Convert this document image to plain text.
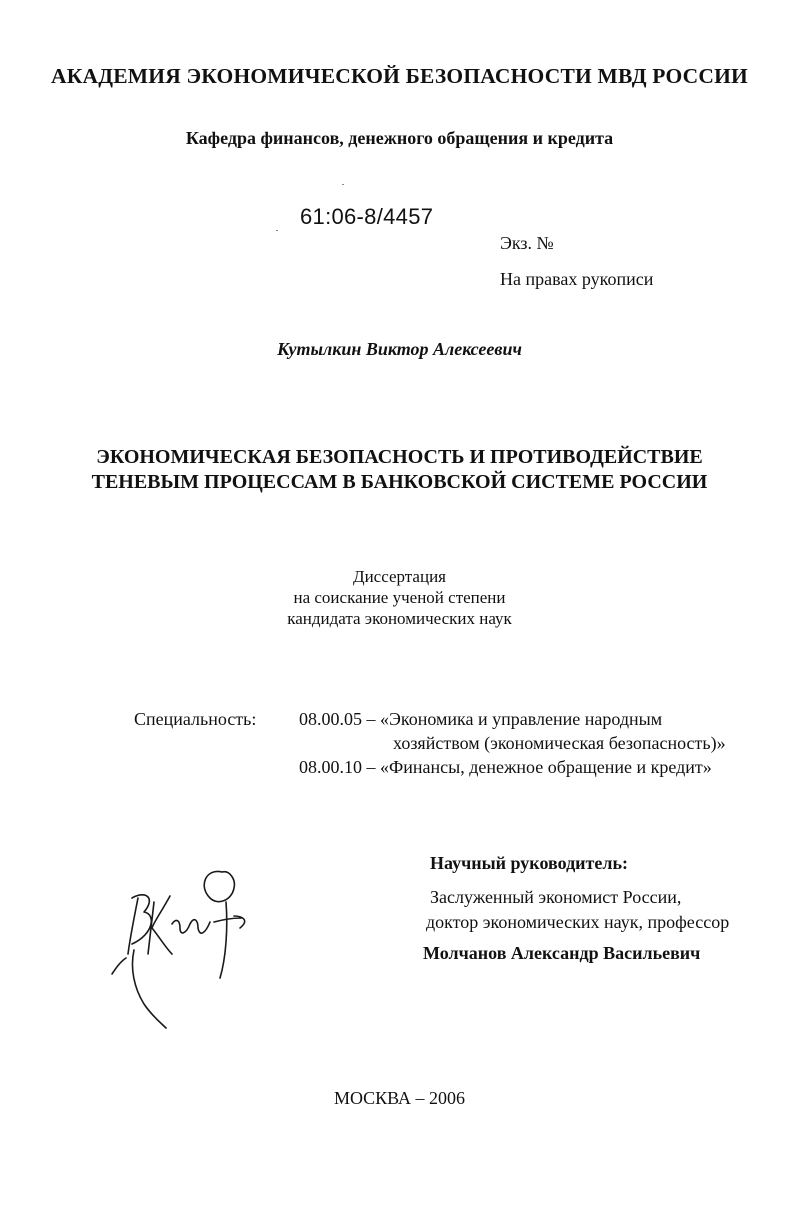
АКАДЕМИЯ ЭКОНОМИЧЕСКОЙ БЕЗОПАСНОСТИ МВД РОССИИ
Кафедра финансов, денежного обращения и кредита
61:06-8/4457
Экз. №
На правах рукописи
Кутылкин Виктор Алексеевич
ЭКОНОМИЧЕСКАЯ БЕЗОПАСНОСТЬ И ПРОТИВОДЕЙСТВИЕ
ТЕНЕВЫМ ПРОЦЕССАМ В БАНКОВСКОЙ СИСТЕМЕ РОССИИ
Диссертация
на соискание ученой степени
кандидата экономических наук
Специальность: 08.00.05 – «Экономика и управление народным
хозяйством (экономическая безопасность)»
08.00.10 – «Финансы, денежное обращение и кредит»
Научный руководитель:
Заслуженный экономист России,
доктор экономических наук, профессор
Молчанов Александр Васильевич
МОСКВА – 2006
